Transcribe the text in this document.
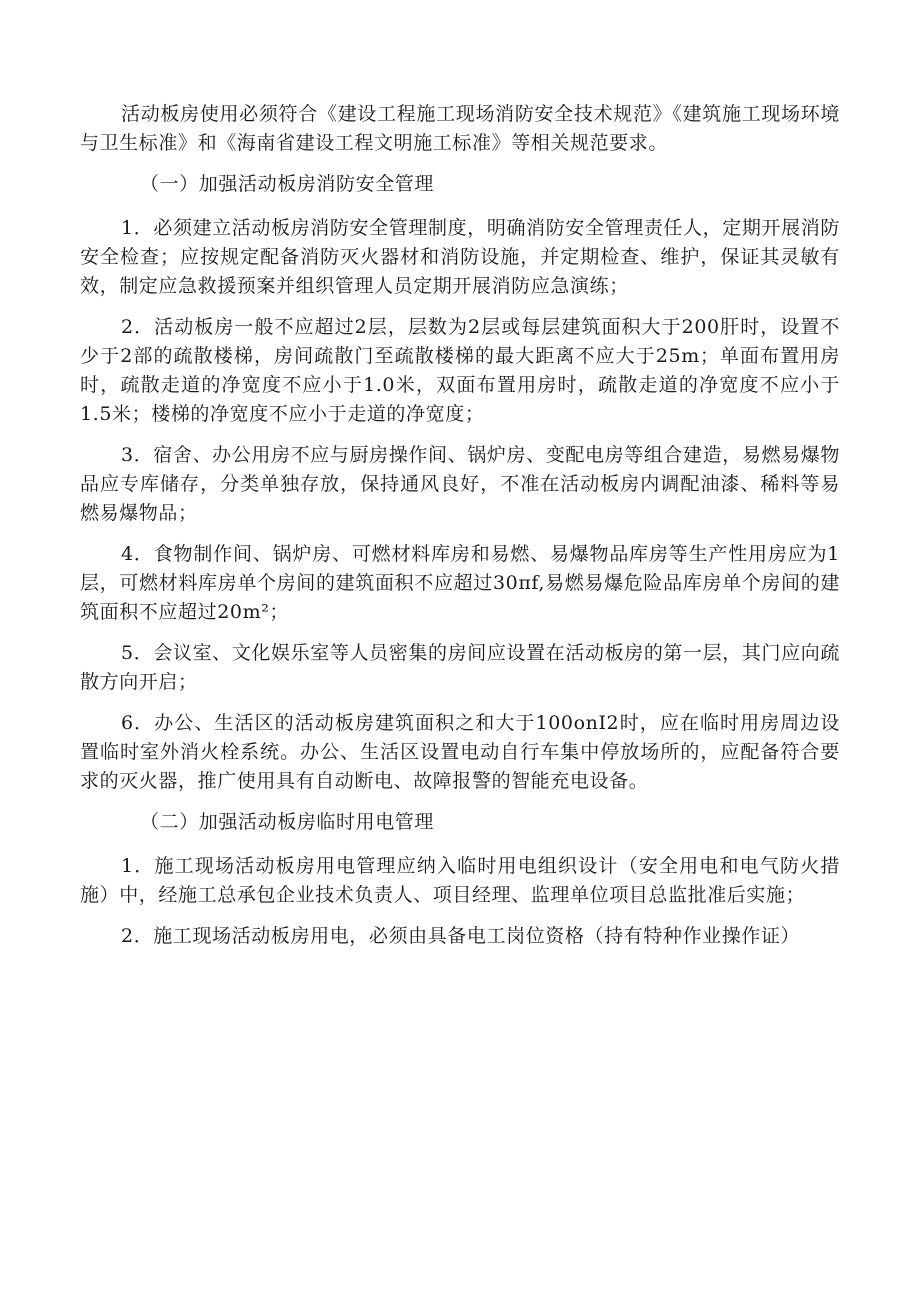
活动板房使用必须符合《建设工程施工现场消防安全技术规范》《建筑施工现场环境与卫生标准》和《海南省建设工程文明施工标准》等相关规范要求。

（一）加强活动板房消防安全管理

1．必须建立活动板房消防安全管理制度，明确消防安全管理责任人，定期开展消防安全检查；应按规定配备消防灭火器材和消防设施，并定期检查、维护，保证其灵敏有效，制定应急救援预案并组织管理人员定期开展消防应急演练；

2．活动板房一般不应超过2层，层数为2层或每层建筑面积大于200肝时，设置不少于2部的疏散楼梯，房间疏散门至疏散楼梯的最大距离不应大于25m；单面布置用房时，疏散走道的净宽度不应小于1.0米，双面布置用房时，疏散走道的净宽度不应小于1.5米；楼梯的净宽度不应小于走道的净宽度；

3．宿舍、办公用房不应与厨房操作间、锅炉房、变配电房等组合建造，易燃易爆物品应专库储存，分类单独存放，保持通风良好，不准在活动板房内调配油漆、稀料等易燃易爆物品；

4．食物制作间、锅炉房、可燃材料库房和易燃、易爆物品库房等生产性用房应为1层，可燃材料库房单个房间的建筑面积不应超过30πf,易燃易爆危险品库房单个房间的建筑面积不应超过20m²；

5．会议室、文化娱乐室等人员密集的房间应设置在活动板房的第一层，其门应向疏散方向开启；

6．办公、生活区的活动板房建筑面积之和大于100onI2时，应在临时用房周边设置临时室外消火栓系统。办公、生活区设置电动自行车集中停放场所的，应配备符合要求的灭火器，推广使用具有自动断电、故障报警的智能充电设备。

（二）加强活动板房临时用电管理

1．施工现场活动板房用电管理应纳入临时用电组织设计（安全用电和电气防火措施）中，经施工总承包企业技术负责人、项目经理、监理单位项目总监批准后实施；

2．施工现场活动板房用电，必须由具备电工岗位资格（持有特种作业操作证）
